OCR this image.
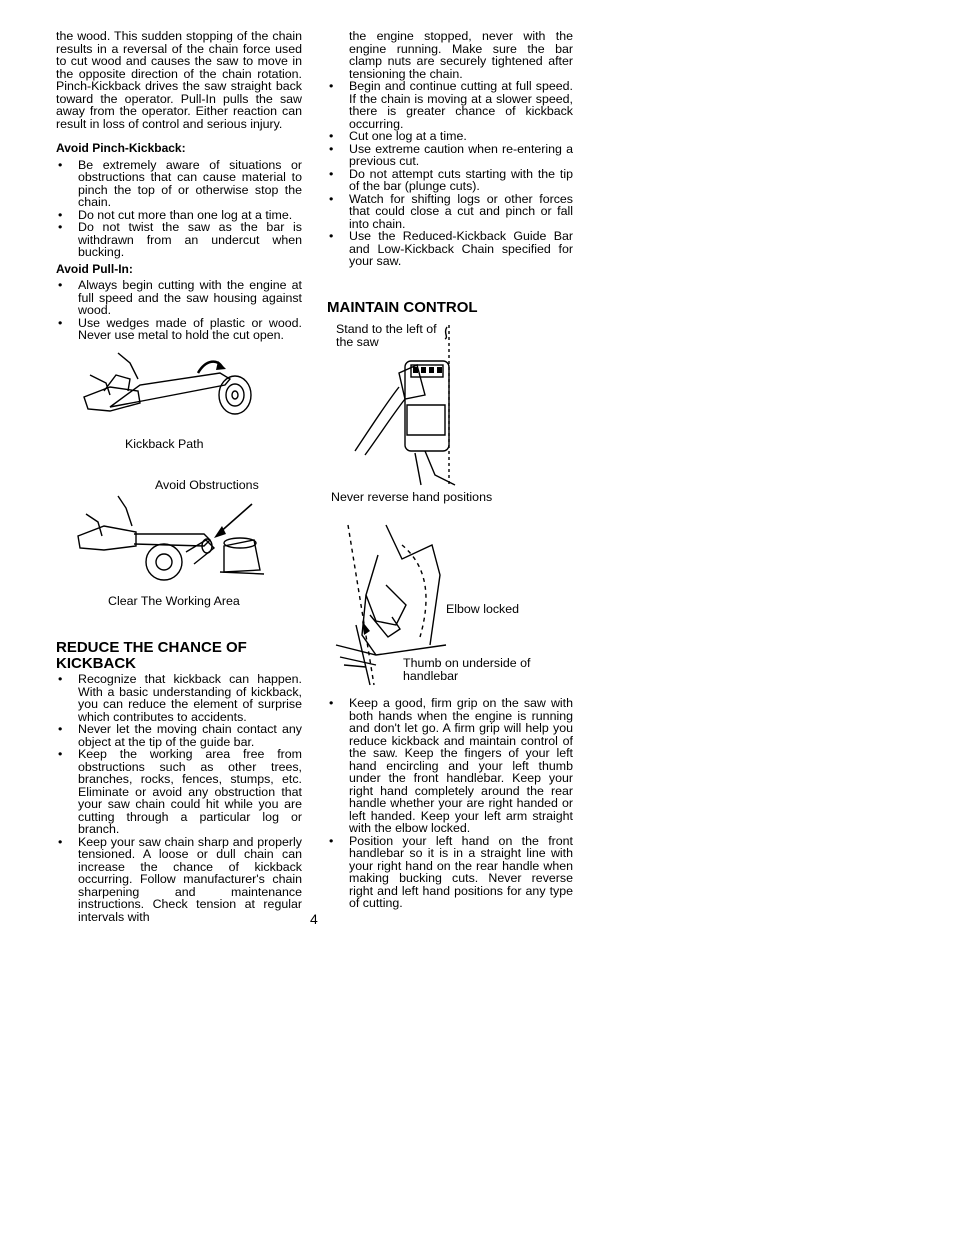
the wood. This sudden stopping of the chain results in a reversal of the chain force used to cut wood and causes the saw to move in the opposite direction of the chain rotation. Pinch-Kickback drives the saw straight back toward the operator. Pull-In pulls the saw away from the operator. Either reaction can result in loss of control and serious injury.

Avoid Pinch-Kickback:

• Be extremely aware of situations or obstructions that can cause material to pinch the top of or otherwise stop the chain.
• Do not cut more than one log at a time.
• Do not twist the saw as the bar is withdrawn from an undercut when bucking.

Avoid Pull-In:

• Always begin cutting with the engine at full speed and the saw housing against wood.
• Use wedges made of plastic or wood. Never use metal to hold the cut open.
Kickback Path
Avoid Obstructions
Clear The Working Area

REDUCE THE CHANCE OF KICKBACK

• Recognize that kickback can happen. With a basic understanding of kickback, you can reduce the element of surprise which contributes to accidents.
• Never let the moving chain contact any object at the tip of the guide bar.
• Keep the working area free from obstructions such as other trees, branches, rocks, fences, stumps, etc. Eliminate or avoid any obstruction that your saw chain could hit while you are cutting through a particular log or branch.
• Keep your saw chain sharp and properly tensioned. A loose or dull chain can increase the chance of kickback occurring. Follow manufacturer's chain sharpening and maintenance instructions. Check tension at regular intervals with

the engine stopped, never with the engine running. Make sure the bar clamp nuts are securely tightened after tensioning the chain.

• Begin and continue cutting at full speed. If the chain is moving at a slower speed, there is greater chance of kickback occurring.
• Cut one log at a time.
• Use extreme caution when re-entering a previous cut.
• Do not attempt cuts starting with the tip of the bar (plunge cuts).
• Watch for shifting logs or other forces that could close a cut and pinch or fall into chain.
• Use the Reduced-Kickback Guide Bar and Low-Kickback Chain specified for your saw.

MAINTAIN CONTROL

Stand to the left of the saw
Never reverse hand positions
Elbow locked
Thumb on underside of handlebar
• Keep a good, firm grip on the saw with both hands when the engine is running and don't let go. A firm grip will help you reduce kickback and maintain control of the saw. Keep the fingers of your left hand encircling and your left thumb under the front handlebar. Keep your right hand completely around the rear handle whether your are right handed or left handed. Keep your left arm straight with the elbow locked.
• Position your left hand on the front handlebar so it is in a straight line with your right hand on the rear handle when making bucking cuts. Never reverse right and left hand positions for any type of cutting.
4
